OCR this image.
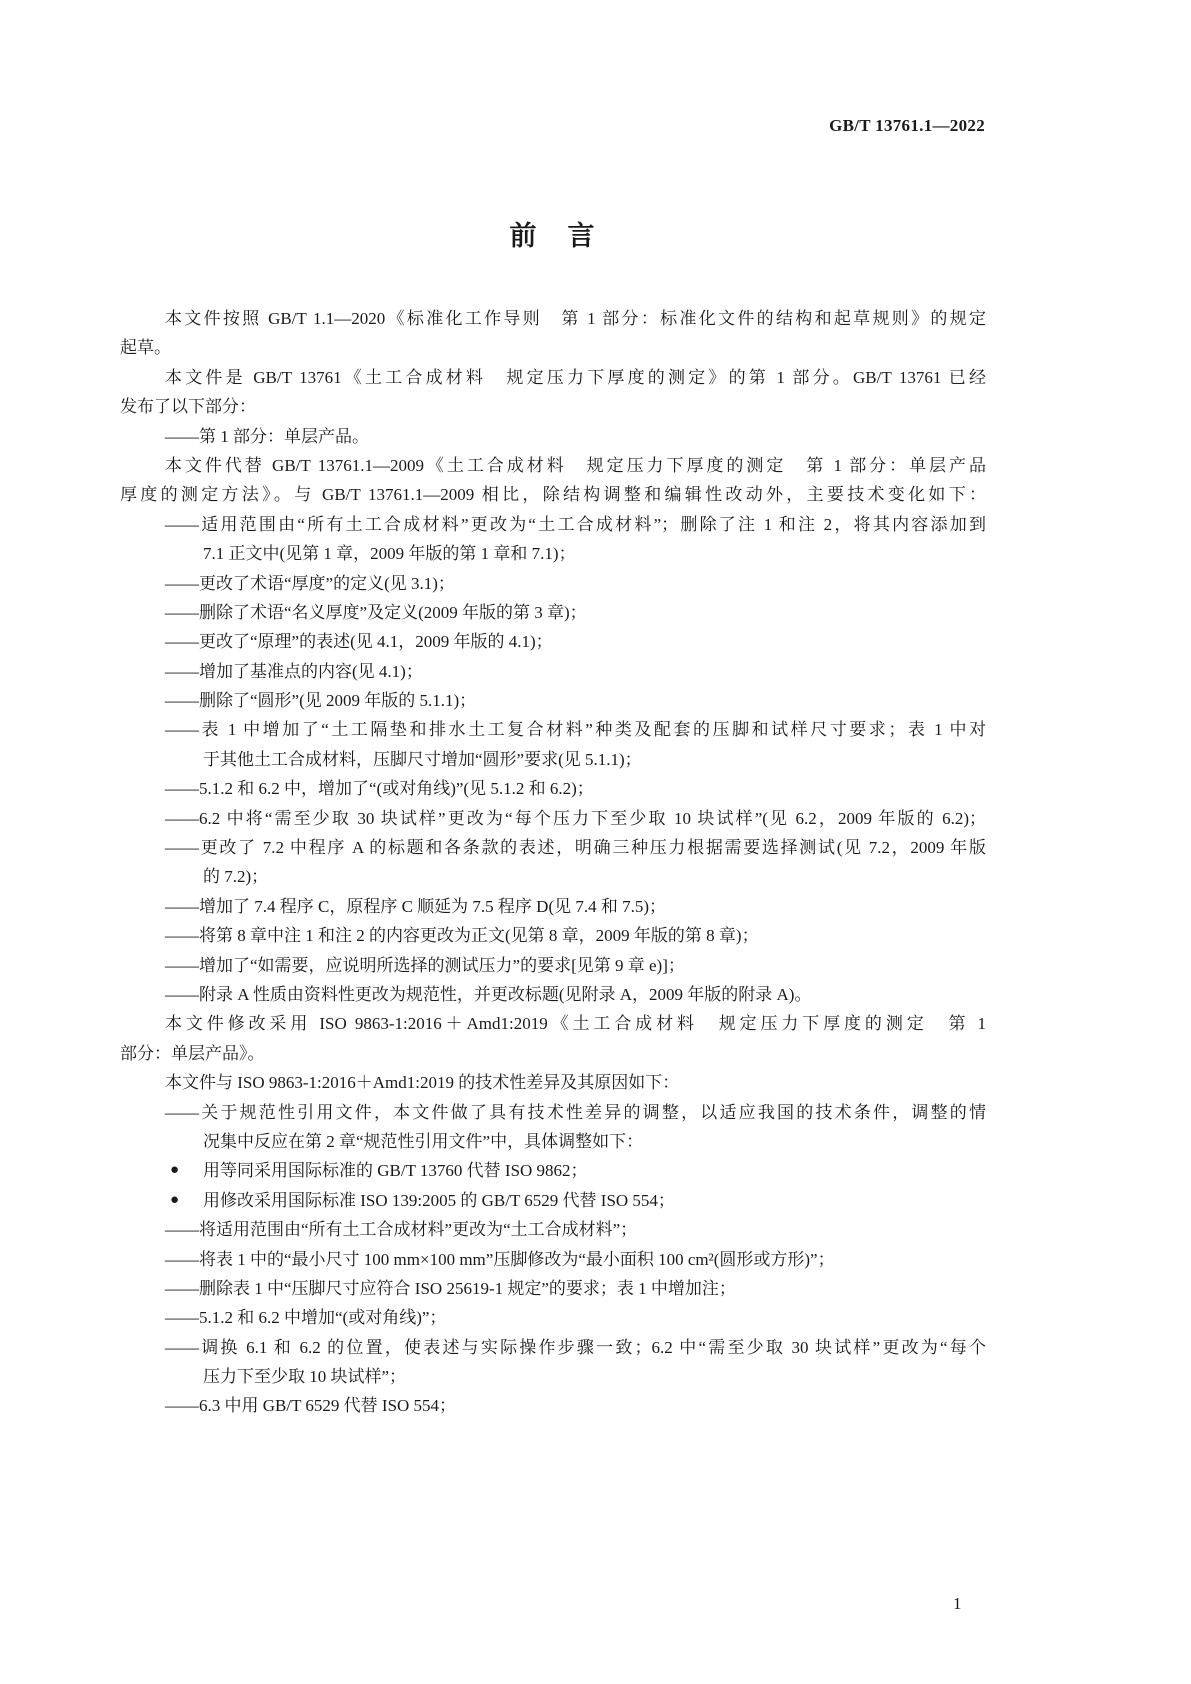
GB/T 13761.1—2022
前　言
本文件按照 GB/T 1.1—2020《标准化工作导则　第 1 部分：标准化文件的结构和起草规则》的规定
起草。
本文件是 GB/T 13761《土工合成材料　规定压力下厚度的测定》的第 1 部分。GB/T 13761 已经
发布了以下部分：
——第 1 部分：单层产品。
本文件代替 GB/T 13761.1—2009《土工合成材料　规定压力下厚度的测定　第 1 部分：单层产品
厚度的测定方法》。与 GB/T 13761.1—2009 相比，除结构调整和编辑性改动外，主要技术变化如下：
——适用范围由“所有土工合成材料”更改为“土工合成材料”；删除了注 1 和注 2，将其内容添加到
7.1 正文中(见第 1 章，2009 年版的第 1 章和 7.1)；
——更改了术语“厚度”的定义(见 3.1)；
——删除了术语“名义厚度”及定义(2009 年版的第 3 章)；
——更改了“原理”的表述(见 4.1，2009 年版的 4.1)；
——增加了基准点的内容(见 4.1)；
——删除了“圆形”(见 2009 年版的 5.1.1)；
——表 1 中增加了“土工隔垫和排水土工复合材料”种类及配套的压脚和试样尺寸要求；表 1 中对
于其他土工合成材料，压脚尺寸增加“圆形”要求(见 5.1.1)；
——5.1.2 和 6.2 中，增加了“(或对角线)”(见 5.1.2 和 6.2)；
——6.2 中将“需至少取 30 块试样”更改为“每个压力下至少取 10 块试样”(见 6.2，2009 年版的 6.2)；
——更改了 7.2 中程序 A 的标题和各条款的表述，明确三种压力根据需要选择测试(见 7.2，2009 年版
的 7.2)；
——增加了 7.4 程序 C，原程序 C 顺延为 7.5 程序 D(见 7.4 和 7.5)；
——将第 8 章中注 1 和注 2 的内容更改为正文(见第 8 章，2009 年版的第 8 章)；
——增加了“如需要，应说明所选择的测试压力”的要求[见第 9 章 e)]；
——附录 A 性质由资料性更改为规范性，并更改标题(见附录 A，2009 年版的附录 A)。
本文件修改采用 ISO 9863-1:2016＋Amd1:2019《土工合成材料　规定压力下厚度的测定　第 1
部分：单层产品》。
本文件与 ISO 9863-1:2016＋Amd1:2019 的技术性差异及其原因如下：
——关于规范性引用文件，本文件做了具有技术性差异的调整，以适应我国的技术条件，调整的情
况集中反应在第 2 章“规范性引用文件”中，具体调整如下：
● 用等同采用国际标准的 GB/T 13760 代替 ISO 9862；
● 用修改采用国际标准 ISO 139:2005 的 GB/T 6529 代替 ISO 554；
——将适用范围由“所有土工合成材料”更改为“土工合成材料”；
——将表 1 中的“最小尺寸 100 mm×100 mm”压脚修改为“最小面积 100 cm²(圆形或方形)”；
——删除表 1 中“压脚尺寸应符合 ISO 25619-1 规定”的要求；表 1 中增加注；
——5.1.2 和 6.2 中增加“(或对角线)”；
——调换 6.1 和 6.2 的位置，使表述与实际操作步骤一致；6.2 中“需至少取 30 块试样”更改为“每个
压力下至少取 10 块试样”；
——6.3 中用 GB/T 6529 代替 ISO 554；
1
